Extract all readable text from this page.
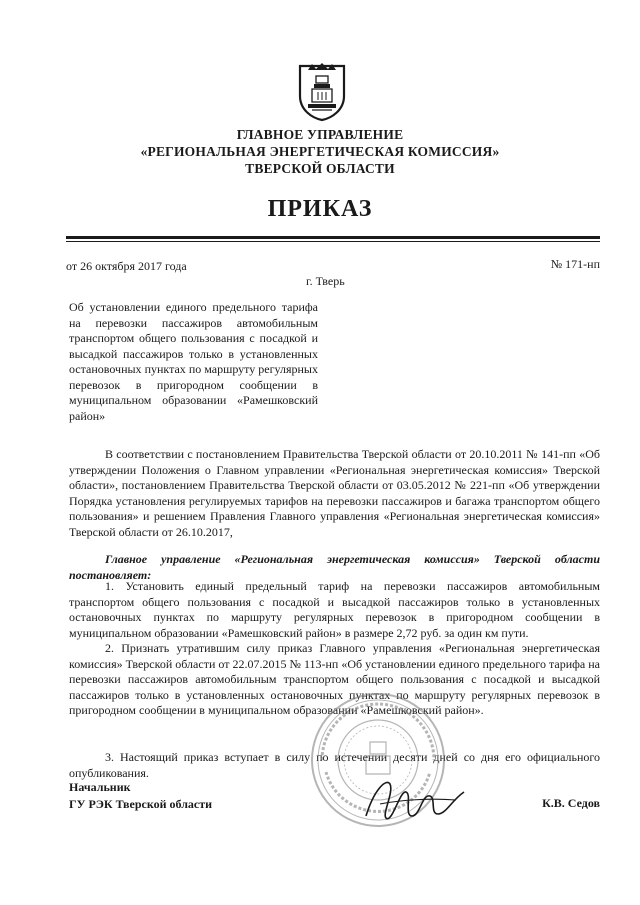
ГЛАВНОЕ УПРАВЛЕНИЕ
«РЕГИОНАЛЬНАЯ ЭНЕРГЕТИЧЕСКАЯ КОМИССИЯ»
ТВЕРСКОЙ ОБЛАСТИ
ПРИКАЗ
от 26 октября 2017 года	№ 171-нп
г. Тверь
Об установлении единого предельного тарифа на перевозки пассажиров автомобильным транспортом общего пользования с посадкой и высадкой пассажиров только в установленных остановочных пунктах по маршруту регулярных перевозок в пригородном сообщении в муниципальном образовании «Рамешковский район»
В соответствии с постановлением Правительства Тверской области от 20.10.2011 № 141-пп «Об утверждении Положения о Главном управлении «Региональная энергетическая комиссия» Тверской области», постановлением Правительства Тверской области от 03.05.2012 № 221-пп «Об утверждении Порядка установления регулируемых тарифов на перевозки пассажиров и багажа транспортом общего пользования» и решением Правления Главного управления «Региональная энергетическая комиссия» Тверской области от 26.10.2017,
Главное управление «Региональная энергетическая комиссия» Тверской области постановляет:
1. Установить единый предельный тариф на перевозки пассажиров автомобильным транспортом общего пользования с посадкой и высадкой пассажиров только в установленных остановочных пунктах по маршруту регулярных перевозок в пригородном сообщении в муниципальном образовании «Рамешковский район» в размере 2,72 руб. за один км пути.
2. Признать утратившим силу приказ Главного управления «Региональная энергетическая комиссия» Тверской области от 22.07.2015 № 113-нп «Об установлении единого предельного тарифа на перевозки пассажиров автомобильным транспортом общего пользования с посадкой и высадкой пассажиров только в установленных остановочных пунктах по маршруту регулярных перевозок в пригородном сообщении в муниципальном образовании «Рамешковский район».
3. Настоящий приказ вступает в силу по истечении десяти дней со дня его официального опубликования.
Начальник
ГУ РЭК Тверской области	К.В. Седов
